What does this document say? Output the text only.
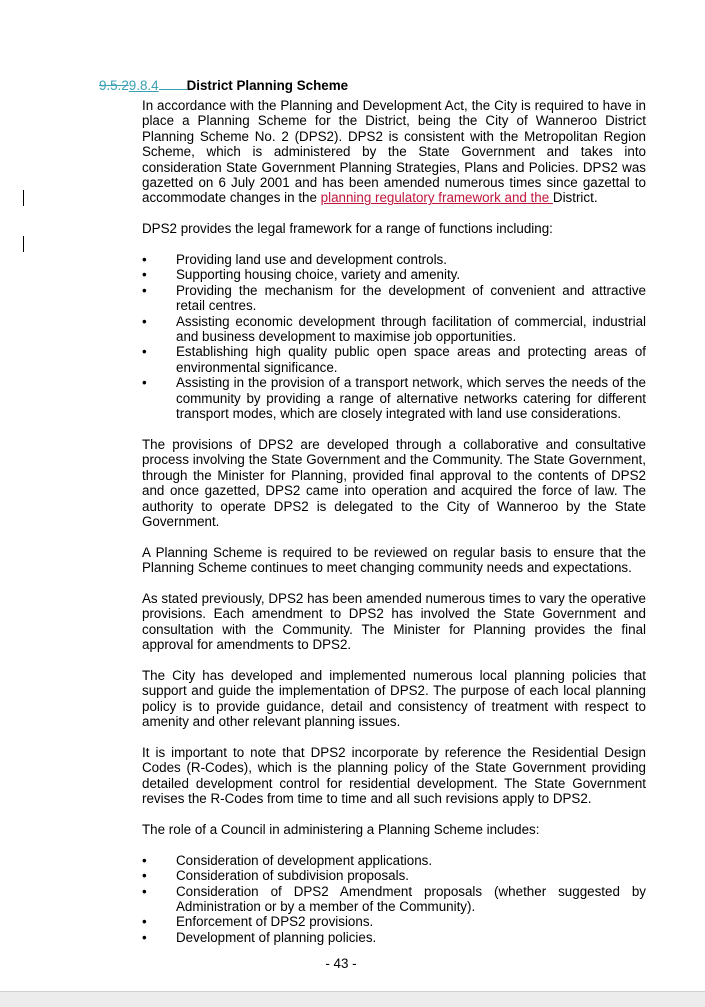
9.5.29.8.4 District Planning Scheme

In accordance with the Planning and Development Act, the City is required to have in place a Planning Scheme for the District, being the City of Wanneroo District Planning Scheme No. 2 (DPS2). DPS2 is consistent with the Metropolitan Region Scheme, which is administered by the State Government and takes into consideration State Government Planning Strategies, Plans and Policies. DPS2 was gazetted on 6 July 2001 and has been amended numerous times since gazettal to accommodate changes in the planning regulatory framework and the District.

DPS2 provides the legal framework for a range of functions including:

•	Providing land use and development controls.
•	Supporting housing choice, variety and amenity.
•	Providing the mechanism for the development of convenient and attractive retail centres.
•	Assisting economic development through facilitation of commercial, industrial and business development to maximise job opportunities.
•	Establishing high quality public open space areas and protecting areas of environmental significance.
•	Assisting in the provision of a transport network, which serves the needs of the community by providing a range of alternative networks catering for different transport modes, which are closely integrated with land use considerations.

The provisions of DPS2 are developed through a collaborative and consultative process involving the State Government and the Community. The State Government, through the Minister for Planning, provided final approval to the contents of DPS2 and once gazetted, DPS2 came into operation and acquired the force of law. The authority to operate DPS2 is delegated to the City of Wanneroo by the State Government.

A Planning Scheme is required to be reviewed on regular basis to ensure that the Planning Scheme continues to meet changing community needs and expectations.

As stated previously, DPS2 has been amended numerous times to vary the operative provisions. Each amendment to DPS2 has involved the State Government and consultation with the Community. The Minister for Planning provides the final approval for amendments to DPS2.

The City has developed and implemented numerous local planning policies that support and guide the implementation of DPS2. The purpose of each local planning policy is to provide guidance, detail and consistency of treatment with respect to amenity and other relevant planning issues.

It is important to note that DPS2 incorporate by reference the Residential Design Codes (R-Codes), which is the planning policy of the State Government providing detailed development control for residential development. The State Government revises the R-Codes from time to time and all such revisions apply to DPS2.

The role of a Council in administering a Planning Scheme includes:

•	Consideration of development applications.
•	Consideration of subdivision proposals.
•	Consideration of DPS2 Amendment proposals (whether suggested by Administration or by a member of the Community).
•	Enforcement of DPS2 provisions.
•	Development of planning policies.
- 43 -
